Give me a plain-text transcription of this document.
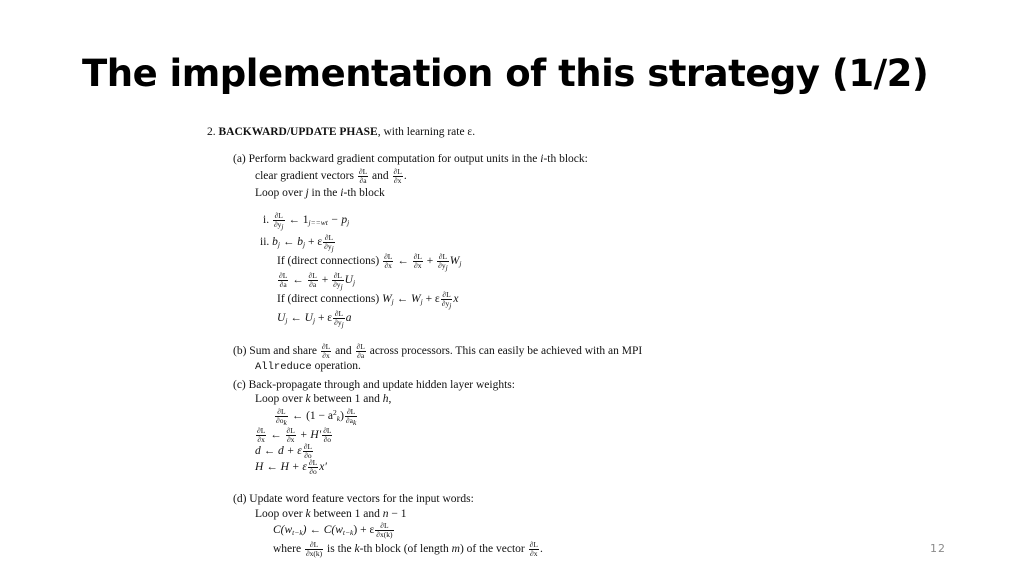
The implementation of this strategy (1/2)
2. BACKWARD/UPDATE PHASE, with learning rate ε.
(a) Perform backward gradient computation for output units in the i-th block:
clear gradient vectors $\frac{\partial L}{\partial a}$ and $\frac{\partial L}{\partial x}$ .
Loop over j in the i-th block
i. $\frac{\partial L}{\partial y_j}$ ← $1_{j==wt} - p_j$
ii. $b_j$ ← $b_j + \varepsilon \frac{\partial L}{\partial y_j}$
If (direct connections) $\frac{\partial L}{\partial x}$ ← $\frac{\partial L}{\partial x} + \frac{\partial L}{\partial y_j} W_j$
$\frac{\partial L}{\partial a}$ ← $\frac{\partial L}{\partial a} + \frac{\partial L}{\partial y_j} U_j$
If (direct connections) $W_j$ ← $W_j + \varepsilon \frac{\partial L}{\partial y_j}$ x
$U_j$ ← $U_j + \varepsilon \frac{\partial L}{\partial y_j}$ a
(b) Sum and share $\frac{\partial L}{\partial x}$ and $\frac{\partial L}{\partial a}$ across processors. This can easily be achieved with an MPI
Allreduce operation.
(c) Back-propagate through and update hidden layer weights:
Loop over k between 1 and h,
$\frac{\partial L}{\partial o_k}$ ← $(1 - a^2_k) \frac{\partial L}{\partial a_k}$
$\frac{\partial L}{\partial x}$ ← $\frac{\partial L}{\partial x} + H' \frac{\partial L}{\partial o}$
d ← d + ε $\frac{\partial L}{\partial o}$
H ← H + ε $\frac{\partial L}{\partial o} x'$
(d) Update word feature vectors for the input words:
Loop over k between 1 and n − 1
$C(w_{t-k})$ ← $C(w_{t-k}) + \varepsilon \frac{\partial L}{\partial x(k)}$
where $\frac{\partial L}{\partial x(k)}$ is the k-th block (of length m) of the vector $\frac{\partial L}{\partial x}$ .	12
